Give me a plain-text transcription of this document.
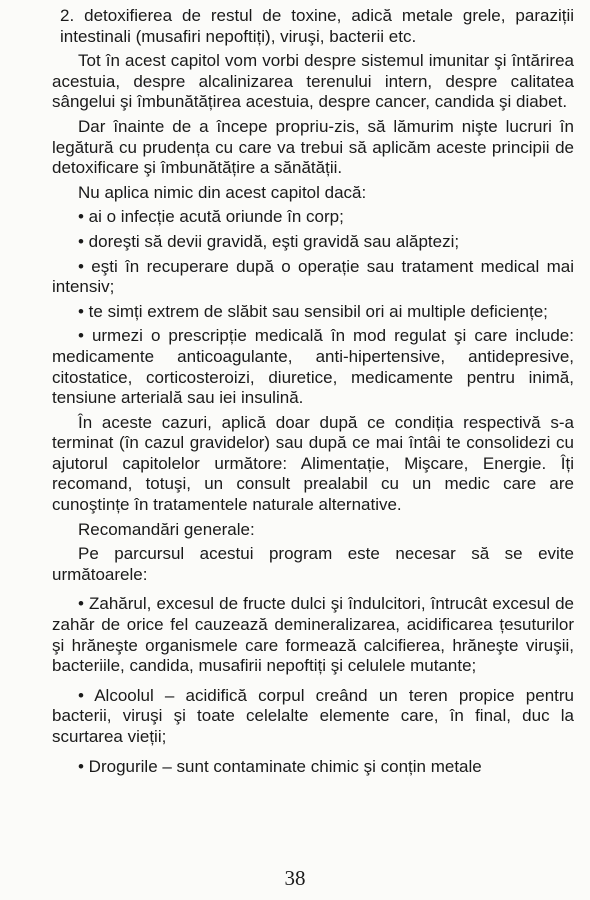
2. detoxifierea de restul de toxine, adică metale grele, paraziții intestinali (musafiri nepoftiți), viruşi, bacterii etc.

Tot în acest capitol vom vorbi despre sistemul imunitar şi întărirea acestuia, despre alcalinizarea terenului intern, despre calitatea sângelui şi îmbunătățirea acestuia, despre cancer, candida şi diabet.

Dar înainte de a începe propriu-zis, să lămurim nişte lucruri în legătură cu prudența cu care va trebui să aplicăm aceste principii de detoxificare şi îmbunătățire a sănătății.

Nu aplica nimic din acest capitol dacă:

• ai o infecție acută oriunde în corp;

• doreşti să devii gravidă, eşti gravidă sau alăptezi;

• eşti în recuperare după o operație sau tratament medical mai intensiv;

• te simți extrem de slăbit sau sensibil ori ai multiple deficiențe;

• urmezi o prescripție medicală în mod regulat şi care include: medicamente anticoagulante, anti-hipertensive, antidepresive, citostatice, corticosteroizi, diuretice, medicamente pentru inimă, tensiune arterială sau iei insulină.

În aceste cazuri, aplică doar după ce condiția respectivă s-a terminat (în cazul gravidelor) sau după ce mai întâi te consolidezi cu ajutorul capitolelor următore: Alimentație, Mişcare, Energie. Îți recomand, totuşi, un consult prealabil cu un medic care are cunoştințe în tratamentele naturale alternative.

Recomandări generale:

Pe parcursul acestui program este necesar să se evite următoarele:

• Zahărul, excesul de fructe dulci şi îndulcitori, întrucât excesul de zahăr de orice fel cauzează demineralizarea, acidificarea țesuturilor şi hrăneşte organismele care formează calcifierea, hrăneşte viruşii, bacteriile, candida, musafirii nepoftiți şi celulele mutante;

• Alcoolul – acidifică corpul creând un teren propice pentru bacterii, viruşi şi toate celelalte elemente care, în final, duc la scurtarea vieții;

• Drogurile – sunt contaminate chimic şi conțin metale

38
